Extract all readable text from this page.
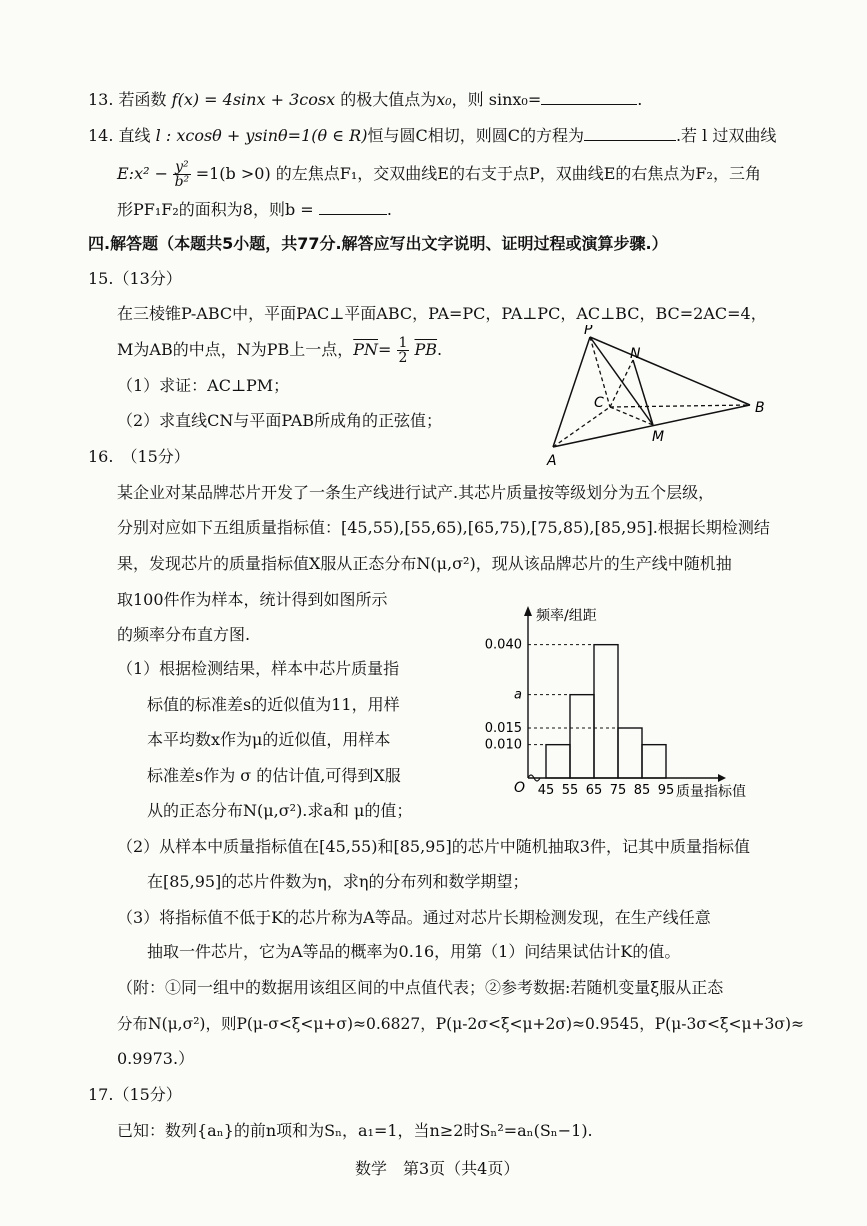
13. 若函数 f(x) = 4sinx + 3cosx 的极大值点为x₀，则 sinx₀=	.
14. 直线 l : xcosθ + ysinθ=1(θ ∈ R)恒与圆C相切，则圆C的方程为	.若 l 过双曲线
E:x² − $\frac{\text{y²}}{\text{b²}} =1(b >0)$ 的左焦点F₁，交双曲线E的右支于点P，双曲线E的右焦点为F₂，三角
形PF₁F₂的面积为8，则b =	.
四.解答题（本题共5小题，共77分.解答应写出文字说明、证明过程或演算步骤.）
15.（13分）
在三棱锥P-ABC中，平面PAC⊥平面ABC，PA=PC，PA⊥PC，AC⊥BC，BC=2AC=4，
M为AB的中点，N为PB上一点，$\overline{PN}= \frac{1}{2} \overline{PB}$.
（1）求证：AC⊥PM；
（2）求直线CN与平面PAB所成角的正弦值；
P
N
C	B
M
A
16.　（15分）
某企业对某品牌芯片开发了一条生产线进行试产.其芯片质量按等级划分为五个层级，
分别对应如下五组质量指标值：[45,55),[55,65),[65,75),[75,85),[85,95].根据长期检测结
果，发现芯片的质量指标值X服从正态分布N(μ,σ²)，现从该品牌芯片的生产线中随机抽
取100件作为样本，统计得到如图所示
的频率分布直方图.
（1）根据检测结果，样本中芯片质量指
标值的标准差s的近似值为11，用样
本平均数x作为μ的近似值，用样本
标准差s作为 σ 的估计值,可得到X服
从的正态分布N(μ,σ²).求a和 μ的值；
频率/组距
质量指标值
O
0.010
0.015
a
0.040
45 55 65 75 85 95
（2）从样本中质量指标值在[45,55)和[85,95]的芯片中随机抽取3件，记其中质量指标值
在[85,95]的芯片件数为η，求η的分布列和数学期望；
（3）将指标值不低于K的芯片称为A等品。通过对芯片长期检测发现，在生产线任意
抽取一件芯片，它为A等品的概率为0.16，用第（1）问结果试估计K的值。
（附：①同一组中的数据用该组区间的中点值代表；②参考数据:若随机变量ξ服从正态
分布N(μ,σ²)，则P(μ-σ<ξ<μ+σ)≈0.6827，P(μ-2σ<ξ<μ+2σ)≈0.9545，P(μ-3σ<ξ<μ+3σ)≈
0.9973.）
17.（15分）
已知：数列{aₙ}的前n项和为Sₙ，a₁=1，当n≥2时Sₙ²=aₙ(Sₙ−1).
数学　第3页（共4页）
